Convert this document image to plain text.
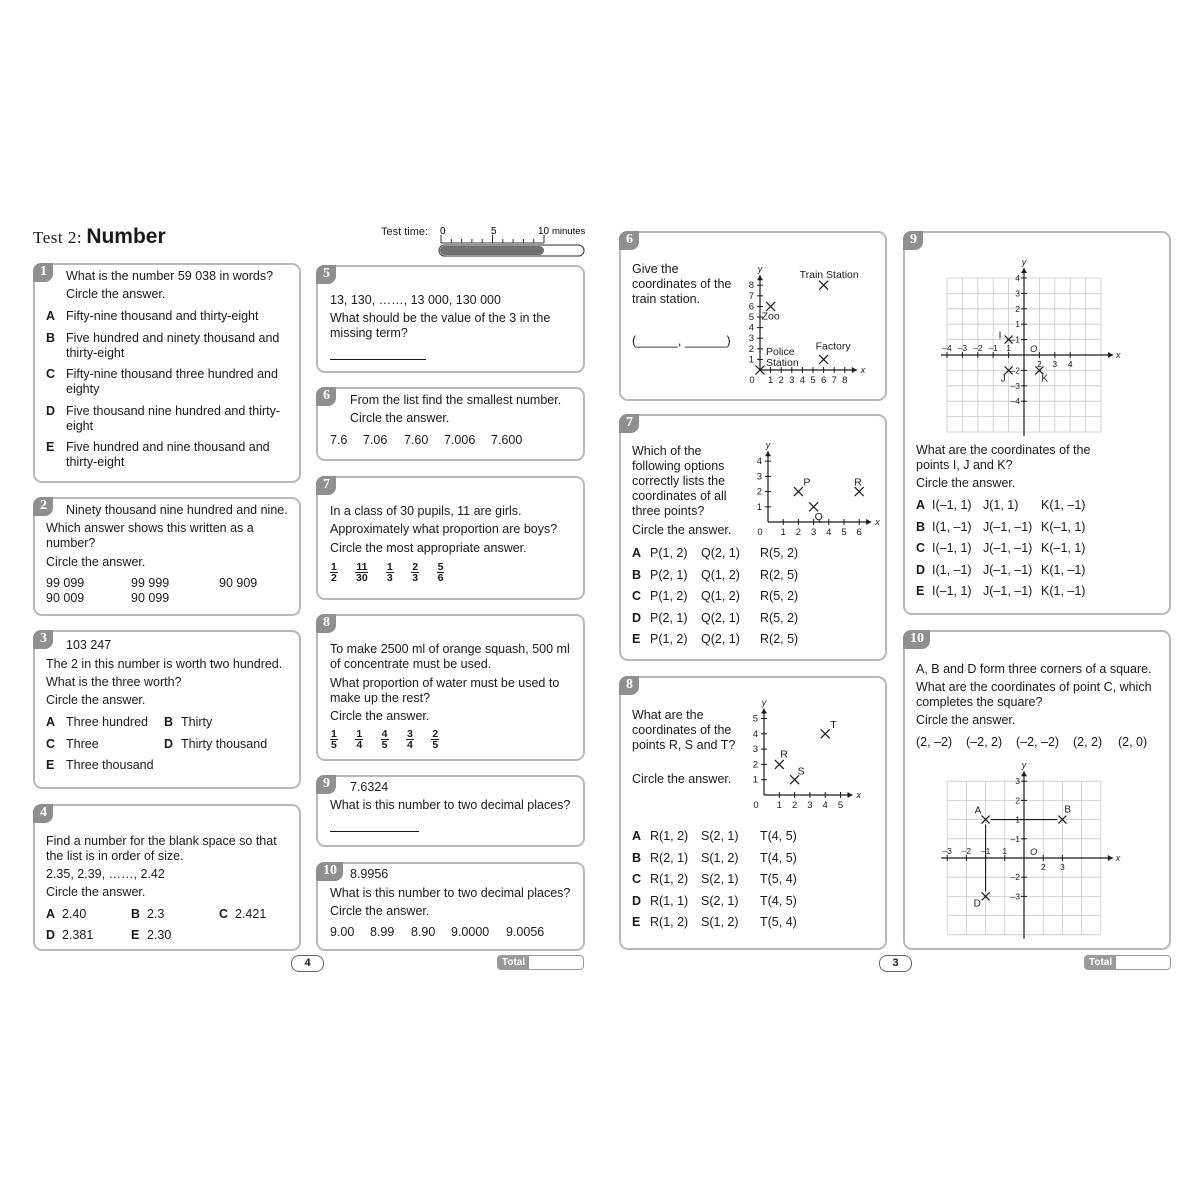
Test 2: Number	Test time: 0	5	10 minutes
1	What is the number 59 038 in words?
Circle the answer.
A Fifty-nine thousand and thirty-eight
B Five hundred and ninety thousand and thirty-eight
C Fifty-nine thousand three hundred and eighty
D Five thousand nine hundred and thirty-eight
E Five hundred and nine thousand and thirty-eight
2	Ninety thousand nine hundred and nine.
Which answer shows this written as a number?
Circle the answer.
99 099	99 999	90 909
90 009	90 099
3	103 247
The 2 in this number is worth two hundred.
What is the three worth?
Circle the answer.
A Three hundred B Thirty
C Three	D Thirty thousand
E Three thousand
4
Find a number for the blank space so that the list is in order of size.
2.35, 2.39, ……, 2.42
Circle the answer.
A 2.40	B 2.3	C 2.421
D 2.381	E 2.30
5
13, 130, ……, 13 000, 130 000
What should be the value of the 3 in the missing term?
6	From the list find the smallest number.
Circle the answer.
7.6 7.06 7.60 7.006 7.600
7
In a class of 30 pupils, 11 are girls.
Approximately what proportion are boys?
Circle the most appropriate answer.
$\frac{1}{2}$
$\frac{11}{30}$
$\frac{1}{3}$
$\frac{2}{3}$
$\frac{5}{6}$
8
To make 2500 ml of orange squash, 500 ml of concentrate must be used.
What proportion of water must be used to make up the rest?
Circle the answer.
$\frac{1}{5}$
$\frac{1}{4}$
$\frac{4}{5}$
$\frac{3}{4}$
$\frac{2}{5}$
9	7.6324
What is this number to two decimal places?
10	8.9956
What is this number to two decimal places?
Circle the answer.
9.00 8.99 8.90 9.0000 9.0056
4	Total
6
Give the coordinates of the train station.
(______, ______)
x
y
0 1 2 3 4 5 6 7 8
1
2
3
4
5
6
7
8
Zoo
Train Station
Factory
Police Station
7
Which of the following options correctly lists the coordinates of all three points?
Circle the answer.
x
y
0 1 2 3 4 5 6
1
2
3
4
P
Q
R
A P(1, 2) Q(2, 1) R(5, 2)
B P(2, 1) Q(1, 2) R(2, 5)
C P(1, 2) Q(1, 2) R(5, 2)
D P(2, 1) Q(2, 1) R(5, 2)
E P(1, 2) Q(2, 1) R(2, 5)
8
What are the coordinates of the points R, S and T?
Circle the answer.
x
y
0 1 2 3 4 5
1
2
3
4
5
R
S
T
A R(1, 2) S(2, 1) T(4, 5)
B R(2, 1) S(1, 2) T(4, 5)
C R(1, 2) S(2, 1) T(5, 4)
D R(1, 1) S(2, 1) T(4, 5)
E R(1, 2) S(1, 2) T(5, 4)
9
x
y
O
–4 –3 –2 –1 1
2 3 4
4
3
2
1
–1
–2
–3
–4
I
J	K
What are the coordinates of the points I, J and K?
Circle the answer.
A I(–1, 1) J(1, 1) K(1, –1)
B I(1, –1) J(–1, –1) K(–1, 1)
C I(–1, 1) J(–1, –1) K(–1, 1)
D I(1, –1) J(–1, –1) K(1, –1)
E I(–1, 1) J(–1, –1) K(1, –1)
10
A, B and D form three corners of a square.
What are the coordinates of point C, which completes the square?
Circle the answer.
(2, –2) (–2, 2) (–2, –2) (2, 2) (2, 0)
x
y
O
–3 –2 –1 1
2 3
3
2
1
–1
–2
–3
A	B
D
3	Total
